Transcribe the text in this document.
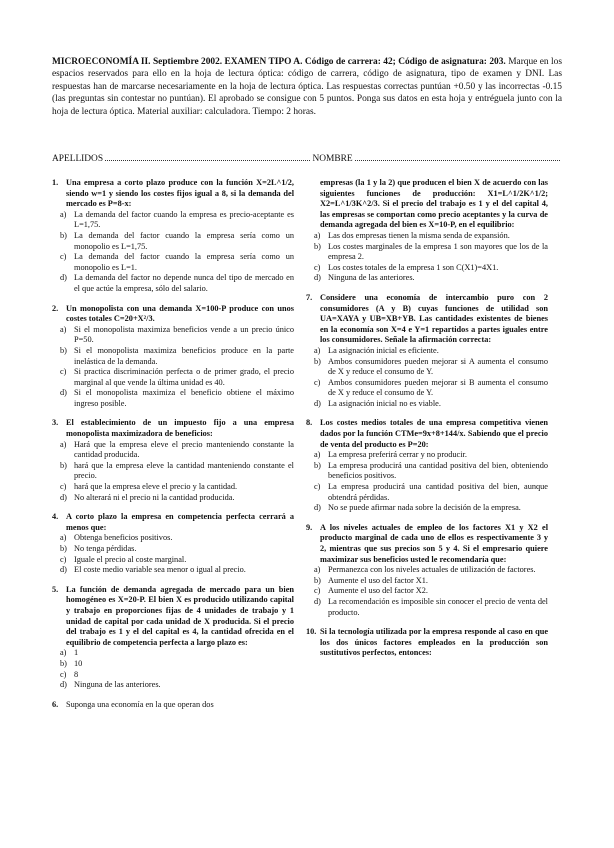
MICROECONOMÍA II. Septiembre 2002. EXAMEN TIPO A. Código de carrera: 42; Código de asignatura: 203. Marque en los espacios reservados para ello en la hoja de lectura óptica: código de carrera, código de asignatura, tipo de examen y DNI. Las respuestas han de marcarse necesariamente en la hoja de lectura óptica. Las respuestas correctas puntúan +0.50 y las incorrectas -0.15 (las preguntas sin contestar no puntúan). El aprobado se consigue con 5 puntos. Ponga sus datos en esta hoja y entréguela junto con la hoja de lectura óptica. Material auxiliar: calculadora. Tiempo: 2 horas.
APELLIDOS	NOMBRE
1. Una empresa a corto plazo produce con la función X=2L^1/2, siendo w=1 y siendo los costes fijos igual a 8, si la demanda del mercado es P=8-x:
a) La demanda del factor cuando la empresa es precio-aceptante es L=1,75.
b) La demanda del factor cuando la empresa sería como un monopolio es L=1,75.
c) La demanda del factor cuando la empresa sería como un monopolio es L=1.
d) La demanda del factor no depende nunca del tipo de mercado en el que actúe la empresa, sólo del salario.
2. Un monopolista con una demanda X=100-P produce con unos costes totales C=20+X²/3.
a) Si el monopolista maximiza beneficios vende a un precio único P=50.
b) Si el monopolista maximiza beneficios produce en la parte inelástica de la demanda.
c) Si practica discriminación perfecta o de primer grado, el precio marginal al que vende la última unidad es 40.
d) Si el monopolista maximiza el beneficio obtiene el máximo ingreso posible.
3. El establecimiento de un impuesto fijo a una empresa monopolista maximizadora de beneficios:
a) Hará que la empresa eleve el precio manteniendo constante la cantidad producida.
b) hará que la empresa eleve la cantidad manteniendo constante el precio.
c) hará que la empresa eleve el precio y la cantidad.
d) No alterará ni el precio ni la cantidad producida.
4. A corto plazo la empresa en competencia perfecta cerrará a menos que:
a) Obtenga beneficios positivos.
b) No tenga pérdidas.
c) Iguale el precio al coste marginal.
d) El coste medio variable sea menor o igual al precio.
5. La función de demanda agregada de mercado para un bien homogéneo es X=20-P. El bien X es producido utilizando capital y trabajo en proporciones fijas de 4 unidades de trabajo y 1 unidad de capital por cada unidad de X producida. Si el precio del trabajo es 1 y el del capital es 4, la cantidad ofrecida en el equilibrio de competencia perfecta a largo plazo es:
a) 1
b) 10
c) 8
d) Ninguna de las anteriores.
6. Suponga una economía en la que operan dos
empresas (la 1 y la 2) que producen el bien X de acuerdo con las siguientes funciones de producción: X1=L^1/2K^1/2; X2=L^1/3K^2/3. Si el precio del trabajo es 1 y el del capital 4, las empresas se comportan como precio aceptantes y la curva de demanda agregada del bien es X=10-P, en el equilibrio:
a) Las dos empresas tienen la misma senda de expansión.
b) Los costes marginales de la empresa 1 son mayores que los de la empresa 2.
c) Los costes totales de la empresa 1 son C(X1)=4X1.
d) Ninguna de las anteriores.
7. Considere una economía de intercambio puro con 2 consumidores (A y B) cuyas funciones de utilidad son UA=XAYA y UB=XB+YB. Las cantidades existentes de bienes en la economía son X=4 e Y=1 repartidos a partes iguales entre los consumidores. Señale la afirmación correcta:
a) La asignación inicial es eficiente.
b) Ambos consumidores pueden mejorar si A aumenta el consumo de X y reduce el consumo de Y.
c) Ambos consumidores pueden mejorar si B aumenta el consumo de X y reduce el consumo de Y.
d) La asignación inicial no es viable.
8. Los costes medios totales de una empresa competitiva vienen dados por la función CTMe=9x+8+144/x. Sabiendo que el precio de venta del producto es P=20:
a) La empresa preferirá cerrar y no producir.
b) La empresa producirá una cantidad positiva del bien, obteniendo beneficios positivos.
c) La empresa producirá una cantidad positiva del bien, aunque obtendrá pérdidas.
d) No se puede afirmar nada sobre la decisión de la empresa.
9. A los niveles actuales de empleo de los factores X1 y X2 el producto marginal de cada uno de ellos es respectivamente 3 y 2, mientras que sus precios son 5 y 4. Si el empresario quiere maximizar sus beneficios usted le recomendaría que:
a) Permanezca con los niveles actuales de utilización de factores.
b) Aumente el uso del factor X1.
c) Aumente el uso del factor X2.
d) La recomendación es imposible sin conocer el precio de venta del producto.
10. Si la tecnología utilizada por la empresa responde al caso en que los dos únicos factores empleados en la producción son sustitutivos perfectos, entonces:
